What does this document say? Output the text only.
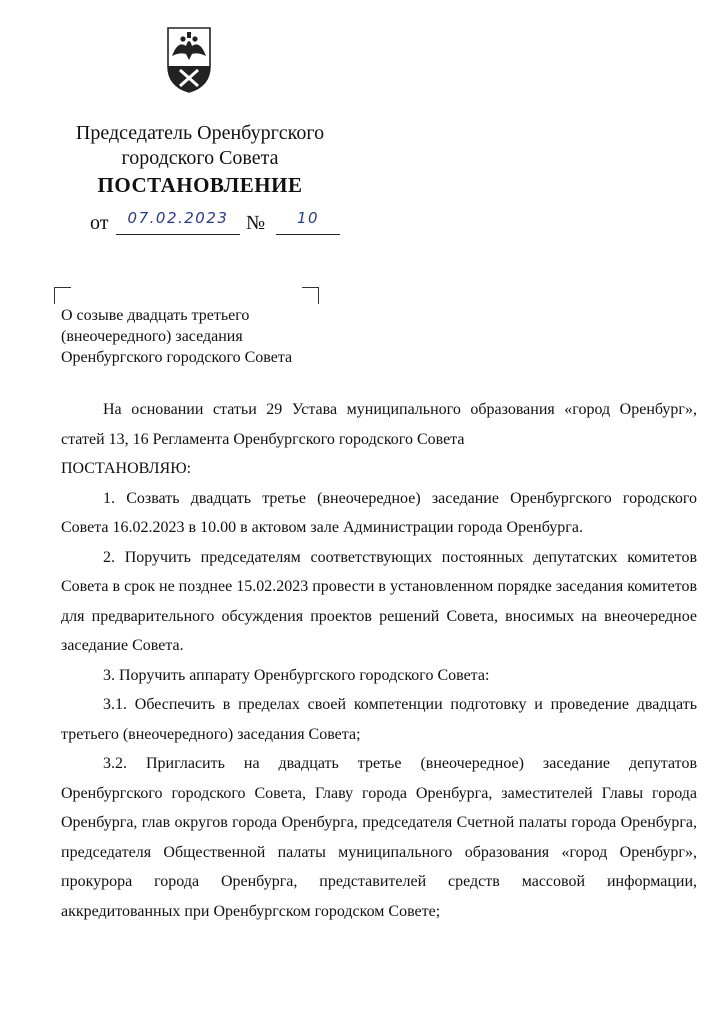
Председатель Оренбургского
городского Совета
ПОСТАНОВЛЕНИЕ
от	07.02.2023 №	10
О созыве двадцать третьего
(внеочередного) заседания
Оренбургского городского Совета

На основании статьи 29 Устава муниципального образования «город Оренбург», статей 13, 16 Регламента Оренбургского городского Совета

ПОСТАНОВЛЯЮ:

1. Созвать двадцать третье (внеочередное) заседание Оренбургского городского Совета 16.02.2023 в 10.00 в актовом зале Администрации города Оренбурга.

2. Поручить председателям соответствующих постоянных депутатских комитетов Совета в срок не позднее 15.02.2023 провести в установленном порядке заседания комитетов для предварительного обсуждения проектов решений Совета, вносимых на внеочередное заседание Совета.

3. Поручить аппарату Оренбургского городского Совета:

3.1. Обеспечить в пределах своей компетенции подготовку и проведение двадцать третьего (внеочередного) заседания Совета;

3.2. Пригласить на двадцать третье (внеочередное) заседание депутатов Оренбургского городского Совета, Главу города Оренбурга, заместителей Главы города Оренбурга, глав округов города Оренбурга, председателя Счетной палаты города Оренбурга, председателя Общественной палаты муниципального образования «город Оренбург», прокурора города Оренбурга, представителей средств массовой информации, аккредитованных при Оренбургском городском Совете;
